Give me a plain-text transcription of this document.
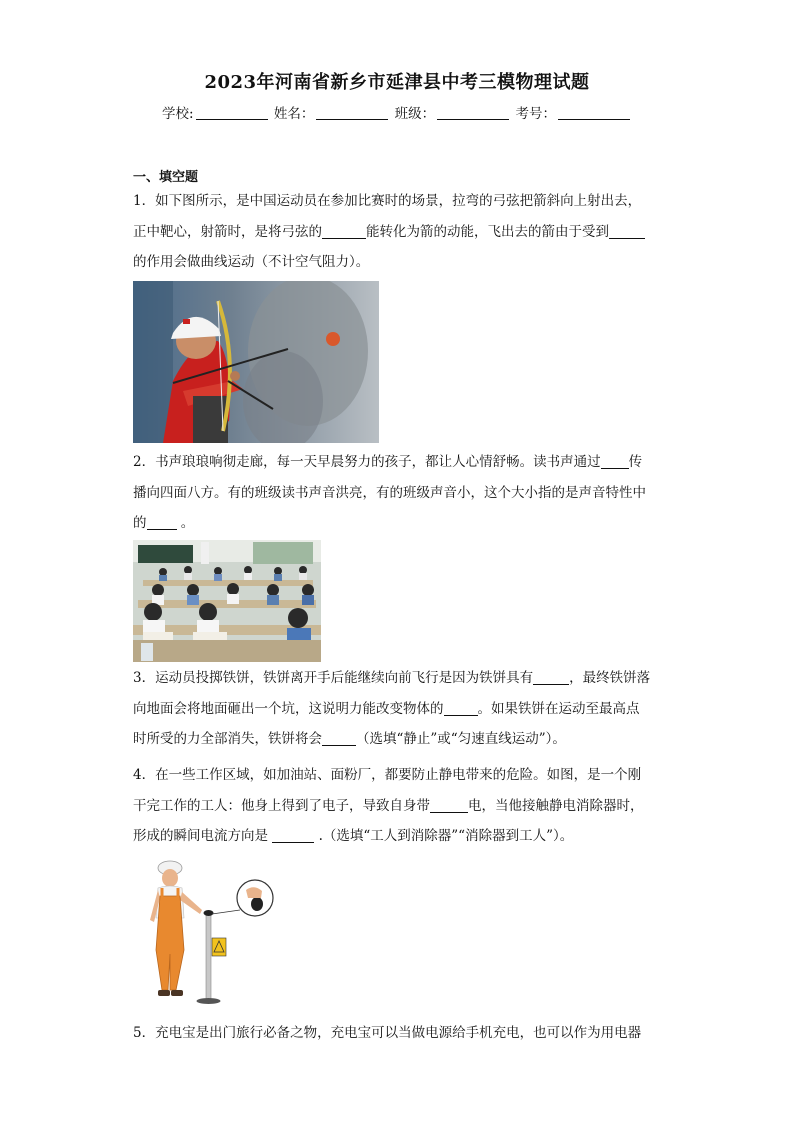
2023年河南省新乡市延津县中考三模物理试题
学校:	姓名：	班级：	考号：
一、填空题
1．如下图所示，是中国运动员在参加比赛时的场景，拉弯的弓弦把箭斜向上射出去，
正中靶心，射箭时，是将弓弦的	能转化为箭的动能，飞出去的箭由于受到
的作用会做曲线运动（不计空气阻力）。
2．书声琅琅响彻走廊，每一天早晨努力的孩子，都让人心情舒畅。读书声通过 传
播向四面八方。有的班级读书声音洪亮，有的班级声音小，这个大小指的是声音特性中
的 。
3．运动员投掷铁饼，铁饼离开手后能继续向前飞行是因为铁饼具有	，最终铁饼落
向地面会将地面砸出一个坑，这说明力能改变物体的	。如果铁饼在运动至最高点
时所受的力全部消失，铁饼将会	（选填“静止”或“匀速直线运动”）。
4．在一些工作区域，如加油站、面粉厂，都要防止静电带来的危险。如图，是一个刚
干完工作的工人：他身上得到了电子，导致自身带	电，当他接触静电消除器时，
形成的瞬间电流方向是	.（选填“工人到消除器”“消除器到工人”）。
5．充电宝是出门旅行必备之物，充电宝可以当做电源给手机充电，也可以作为用电器
